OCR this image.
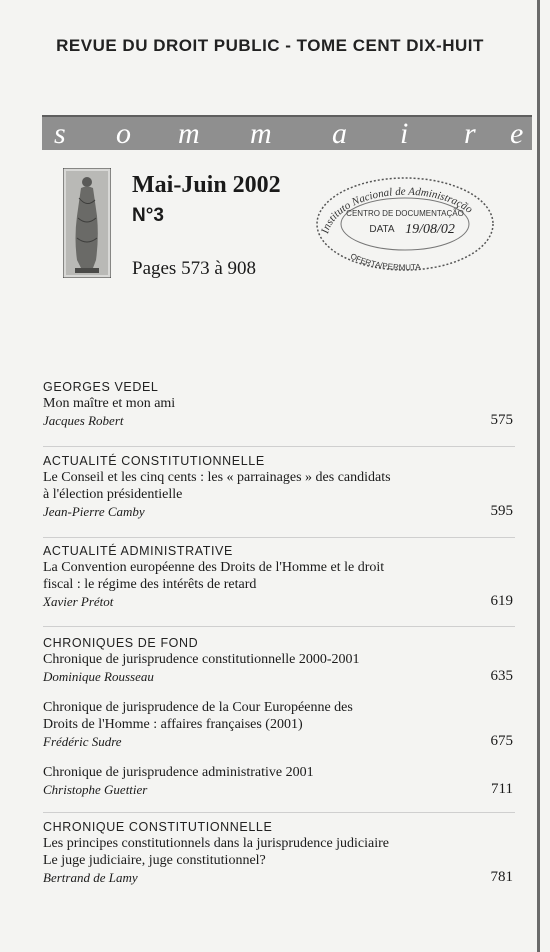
REVUE DU DROIT PUBLIC - TOME CENT DIX-HUIT
s o m m a i r e
Mai-Juin 2002
N°3
Pages 573 à 908
Instituto Nacional de Administração
CENTRO DE DOCUMENTAÇÃO
DATA 19/08/02
OFERTA/PERMUTA
GEORGES VEDEL
Mon maître et mon ami
Jacques Robert	575
ACTUALITÉ CONSTITUTIONNELLE
Le Conseil et les cinq cents : les « parrainages » des candidats
à l'élection présidentielle
Jean-Pierre Camby	595
ACTUALITÉ ADMINISTRATIVE
La Convention européenne des Droits de l'Homme et le droit
fiscal : le régime des intérêts de retard
Xavier Prétot	619
CHRONIQUES DE FOND
Chronique de jurisprudence constitutionnelle 2000-2001
Dominique Rousseau	635
Chronique de jurisprudence de la Cour Européenne des
Droits de l'Homme : affaires françaises (2001)
Frédéric Sudre	675
Chronique de jurisprudence administrative 2001
Christophe Guettier	711
CHRONIQUE CONSTITUTIONNELLE
Les principes constitutionnels dans la jurisprudence judiciaire
Le juge judiciaire, juge constitutionnel?
Bertrand de Lamy	781
